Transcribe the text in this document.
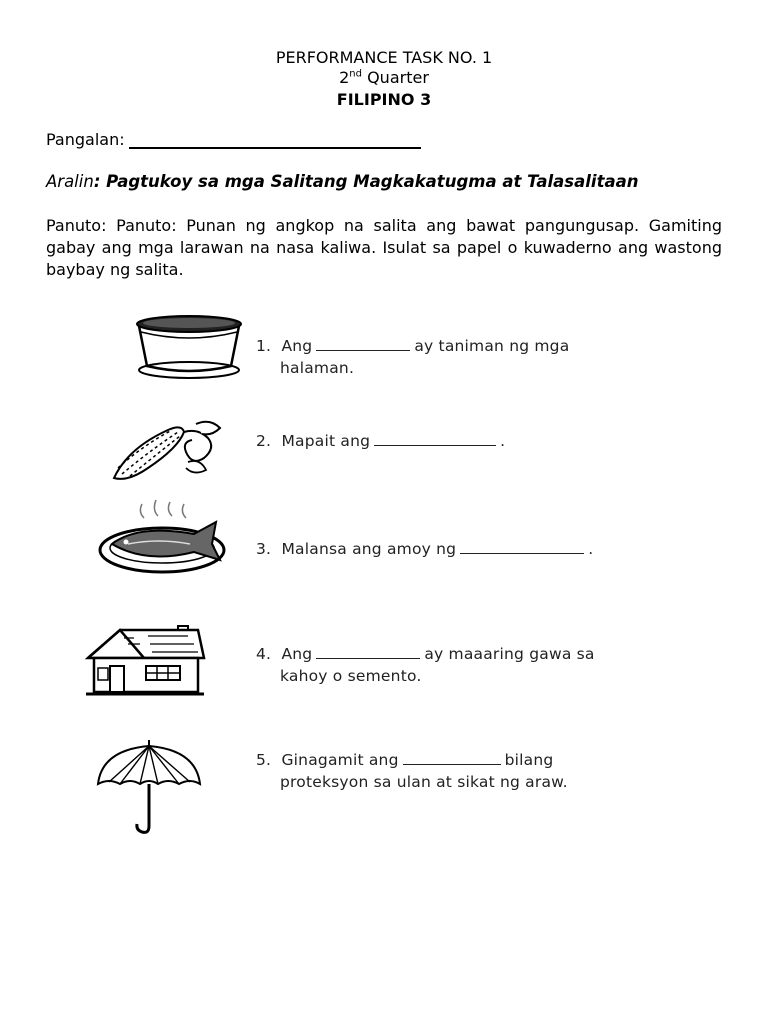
PERFORMANCE TASK NO. 1
2nd Quarter
FILIPINO 3
Pangalan:
Aralin: Pagtukoy sa mga Salitang Magkakatugma at Talasalitaan
Panuto: Panuto: Punan ng angkop na salita ang bawat pangungusap. Gamiting gabay ang mga larawan na nasa kaliwa. Isulat sa papel o kuwaderno ang wastong baybay ng salita.
1. Ang	ay taniman ng mga
halaman.
2. Mapait ang	.
3. Malansa ang amoy ng	.
4. Ang	ay maaaring gawa sa
kahoy o semento.
5. Ginagamit ang	bilang
proteksyon sa ulan at sikat ng araw.
